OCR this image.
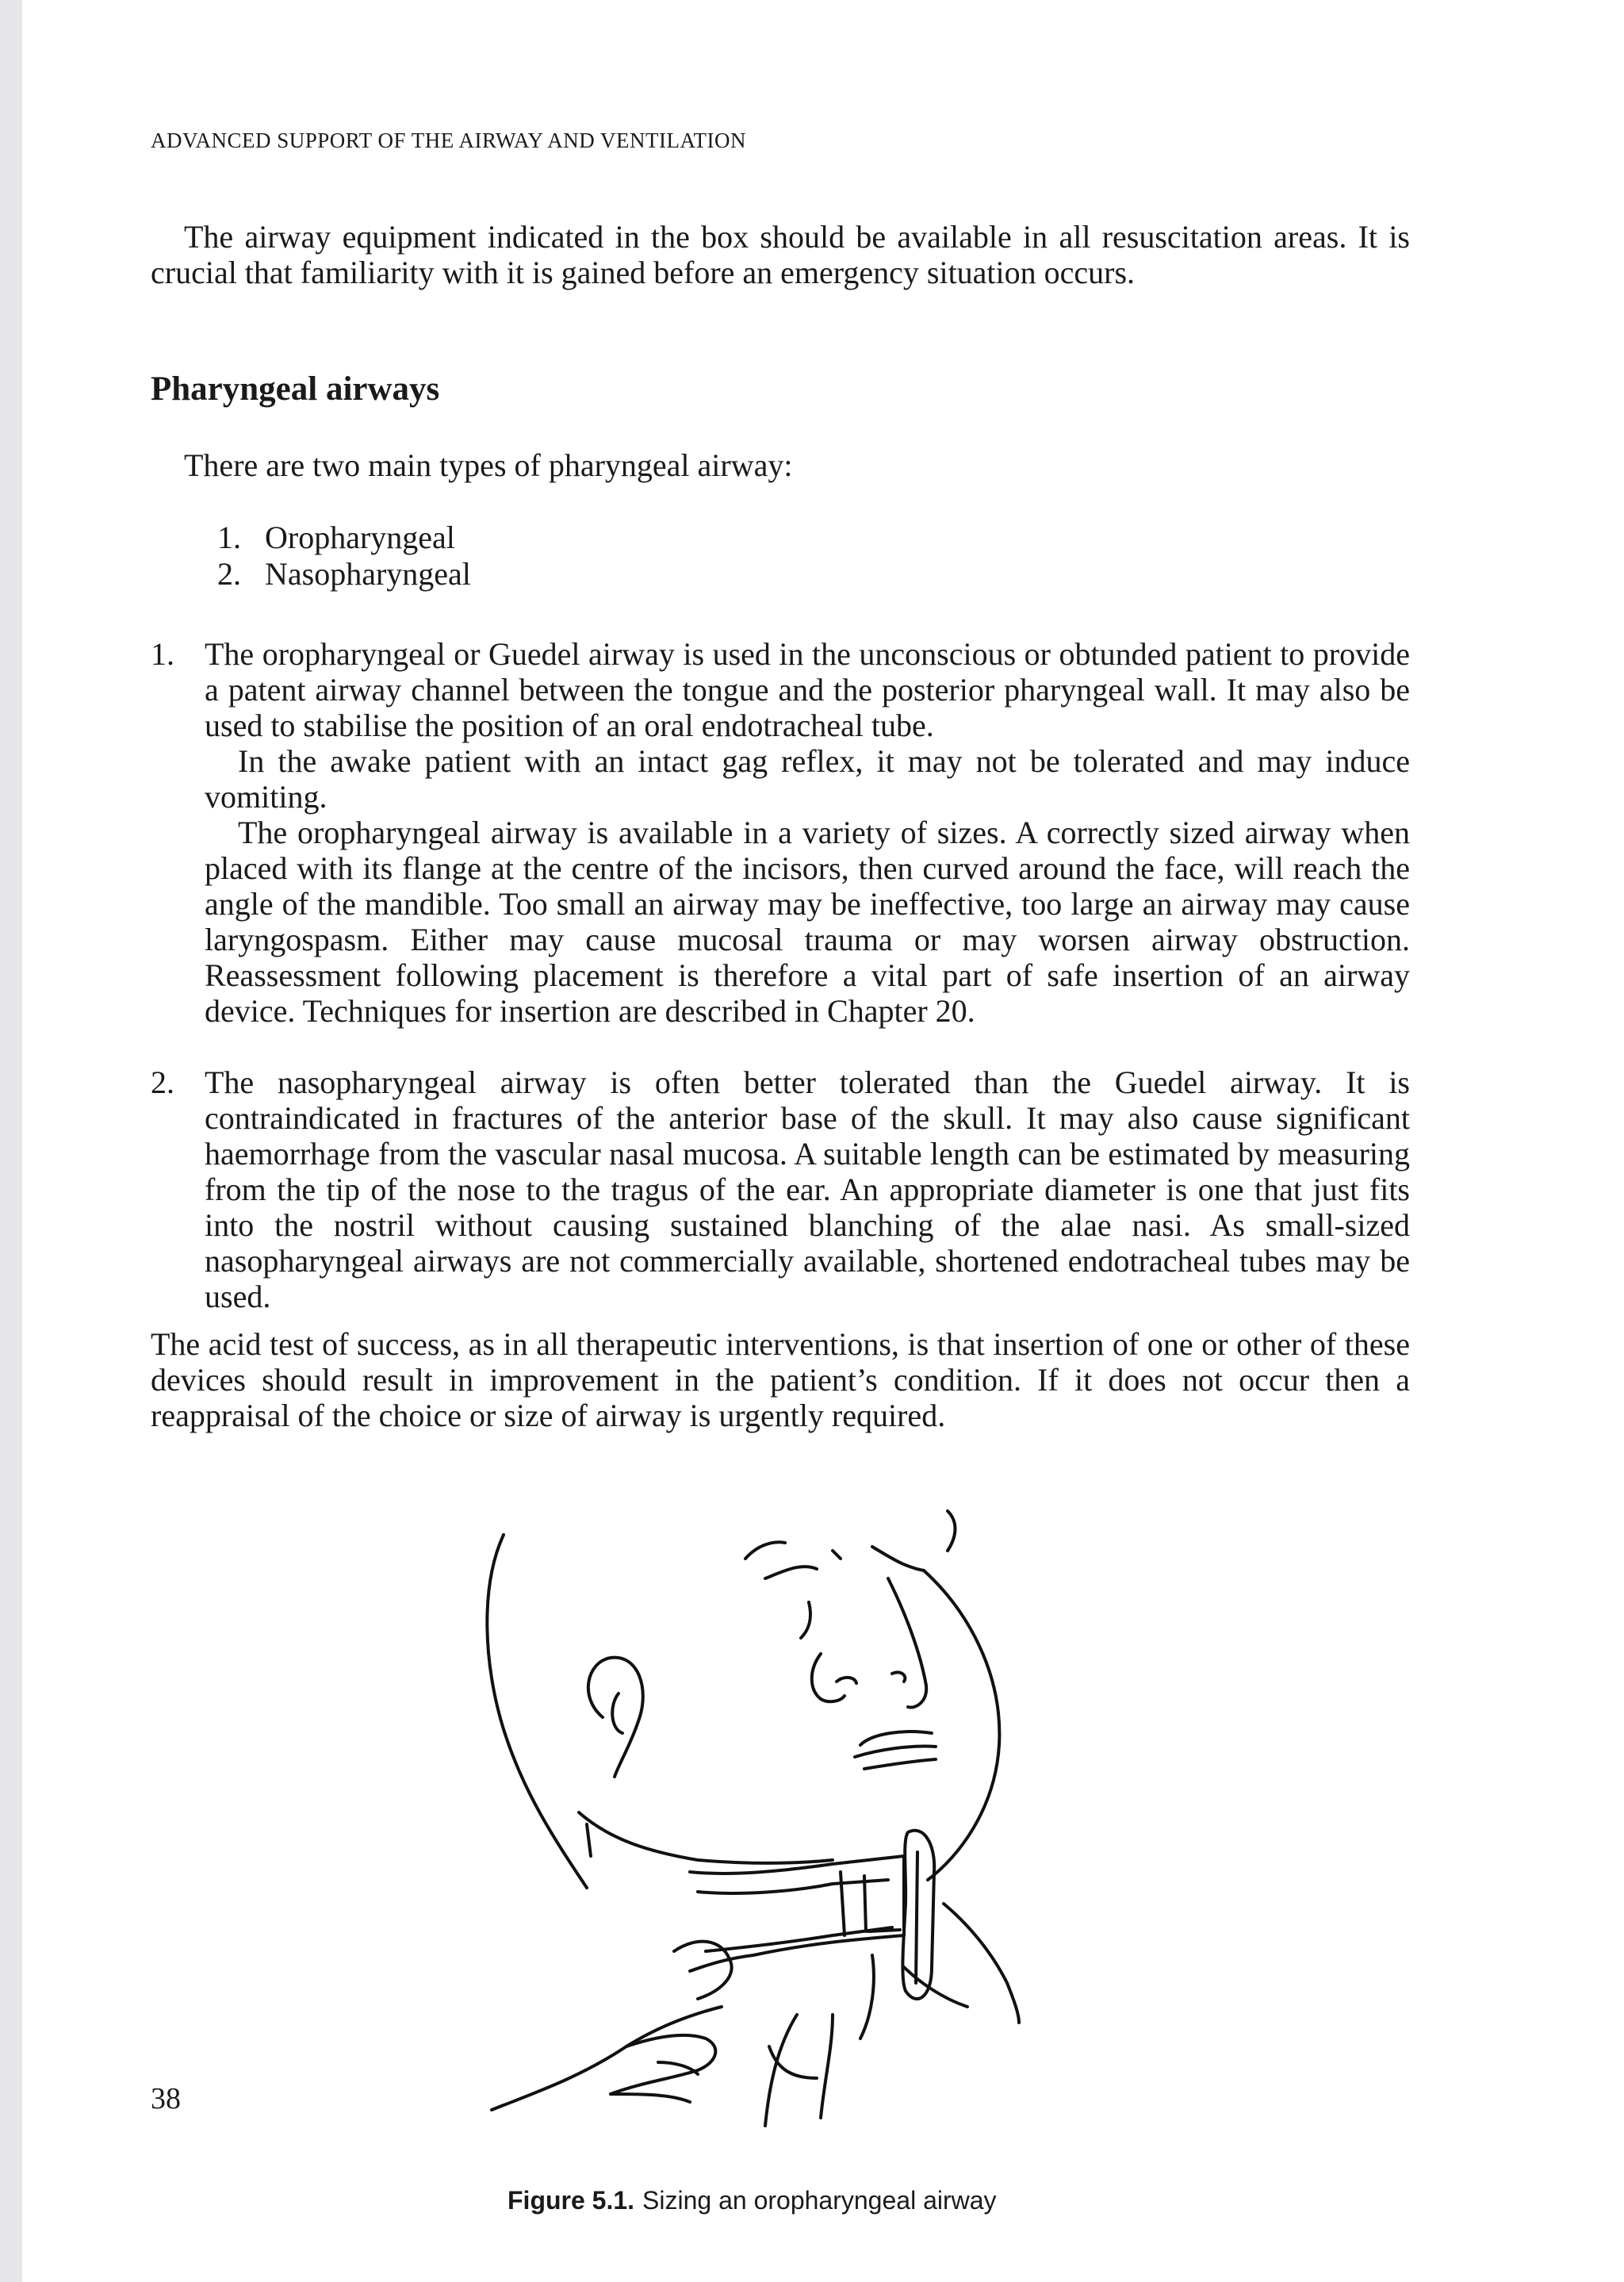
ADVANCED SUPPORT OF THE AIRWAY AND VENTILATION

The airway equipment indicated in the box should be available in all resuscitation areas. It is crucial that familiarity with it is gained before an emergency situation occurs.

Pharyngeal airways

There are two main types of pharyngeal airway:

1. Oropharyngeal
2. Nasopharyngeal
1. The oropharyngeal or Guedel airway is used in the unconscious or obtunded patient to provide a patent airway channel between the tongue and the posterior pharyngeal wall. It may also be used to stabilise the position of an oral endotracheal tube.

In the awake patient with an intact gag reflex, it may not be tolerated and may induce vomiting.

The oropharyngeal airway is available in a variety of sizes. A correctly sized airway when placed with its flange at the centre of the incisors, then curved around the face, will reach the angle of the mandible. Too small an airway may be ineffective, too large an airway may cause laryngospasm. Either may cause mucosal trauma or may worsen airway obstruction. Reassessment following placement is therefore a vital part of safe insertion of an airway device. Techniques for insertion are described in Chapter 20.

2. The nasopharyngeal airway is often better tolerated than the Guedel airway. It is contraindicated in fractures of the anterior base of the skull. It may also cause significant haemorrhage from the vascular nasal mucosa. A suitable length can be estimated by measuring from the tip of the nose to the tragus of the ear. An appropriate diameter is one that just fits into the nostril without causing sustained blanching of the alae nasi. As small-sized nasopharyngeal airways are not commercially available, shortened endotracheal tubes may be used.

The acid test of success, as in all therapeutic interventions, is that insertion of one or other of these devices should result in improvement in the patient’s condition. If it does not occur then a reappraisal of the choice or size of airway is urgently required.

Figure 5.1. Sizing an oropharyngeal airway
38
